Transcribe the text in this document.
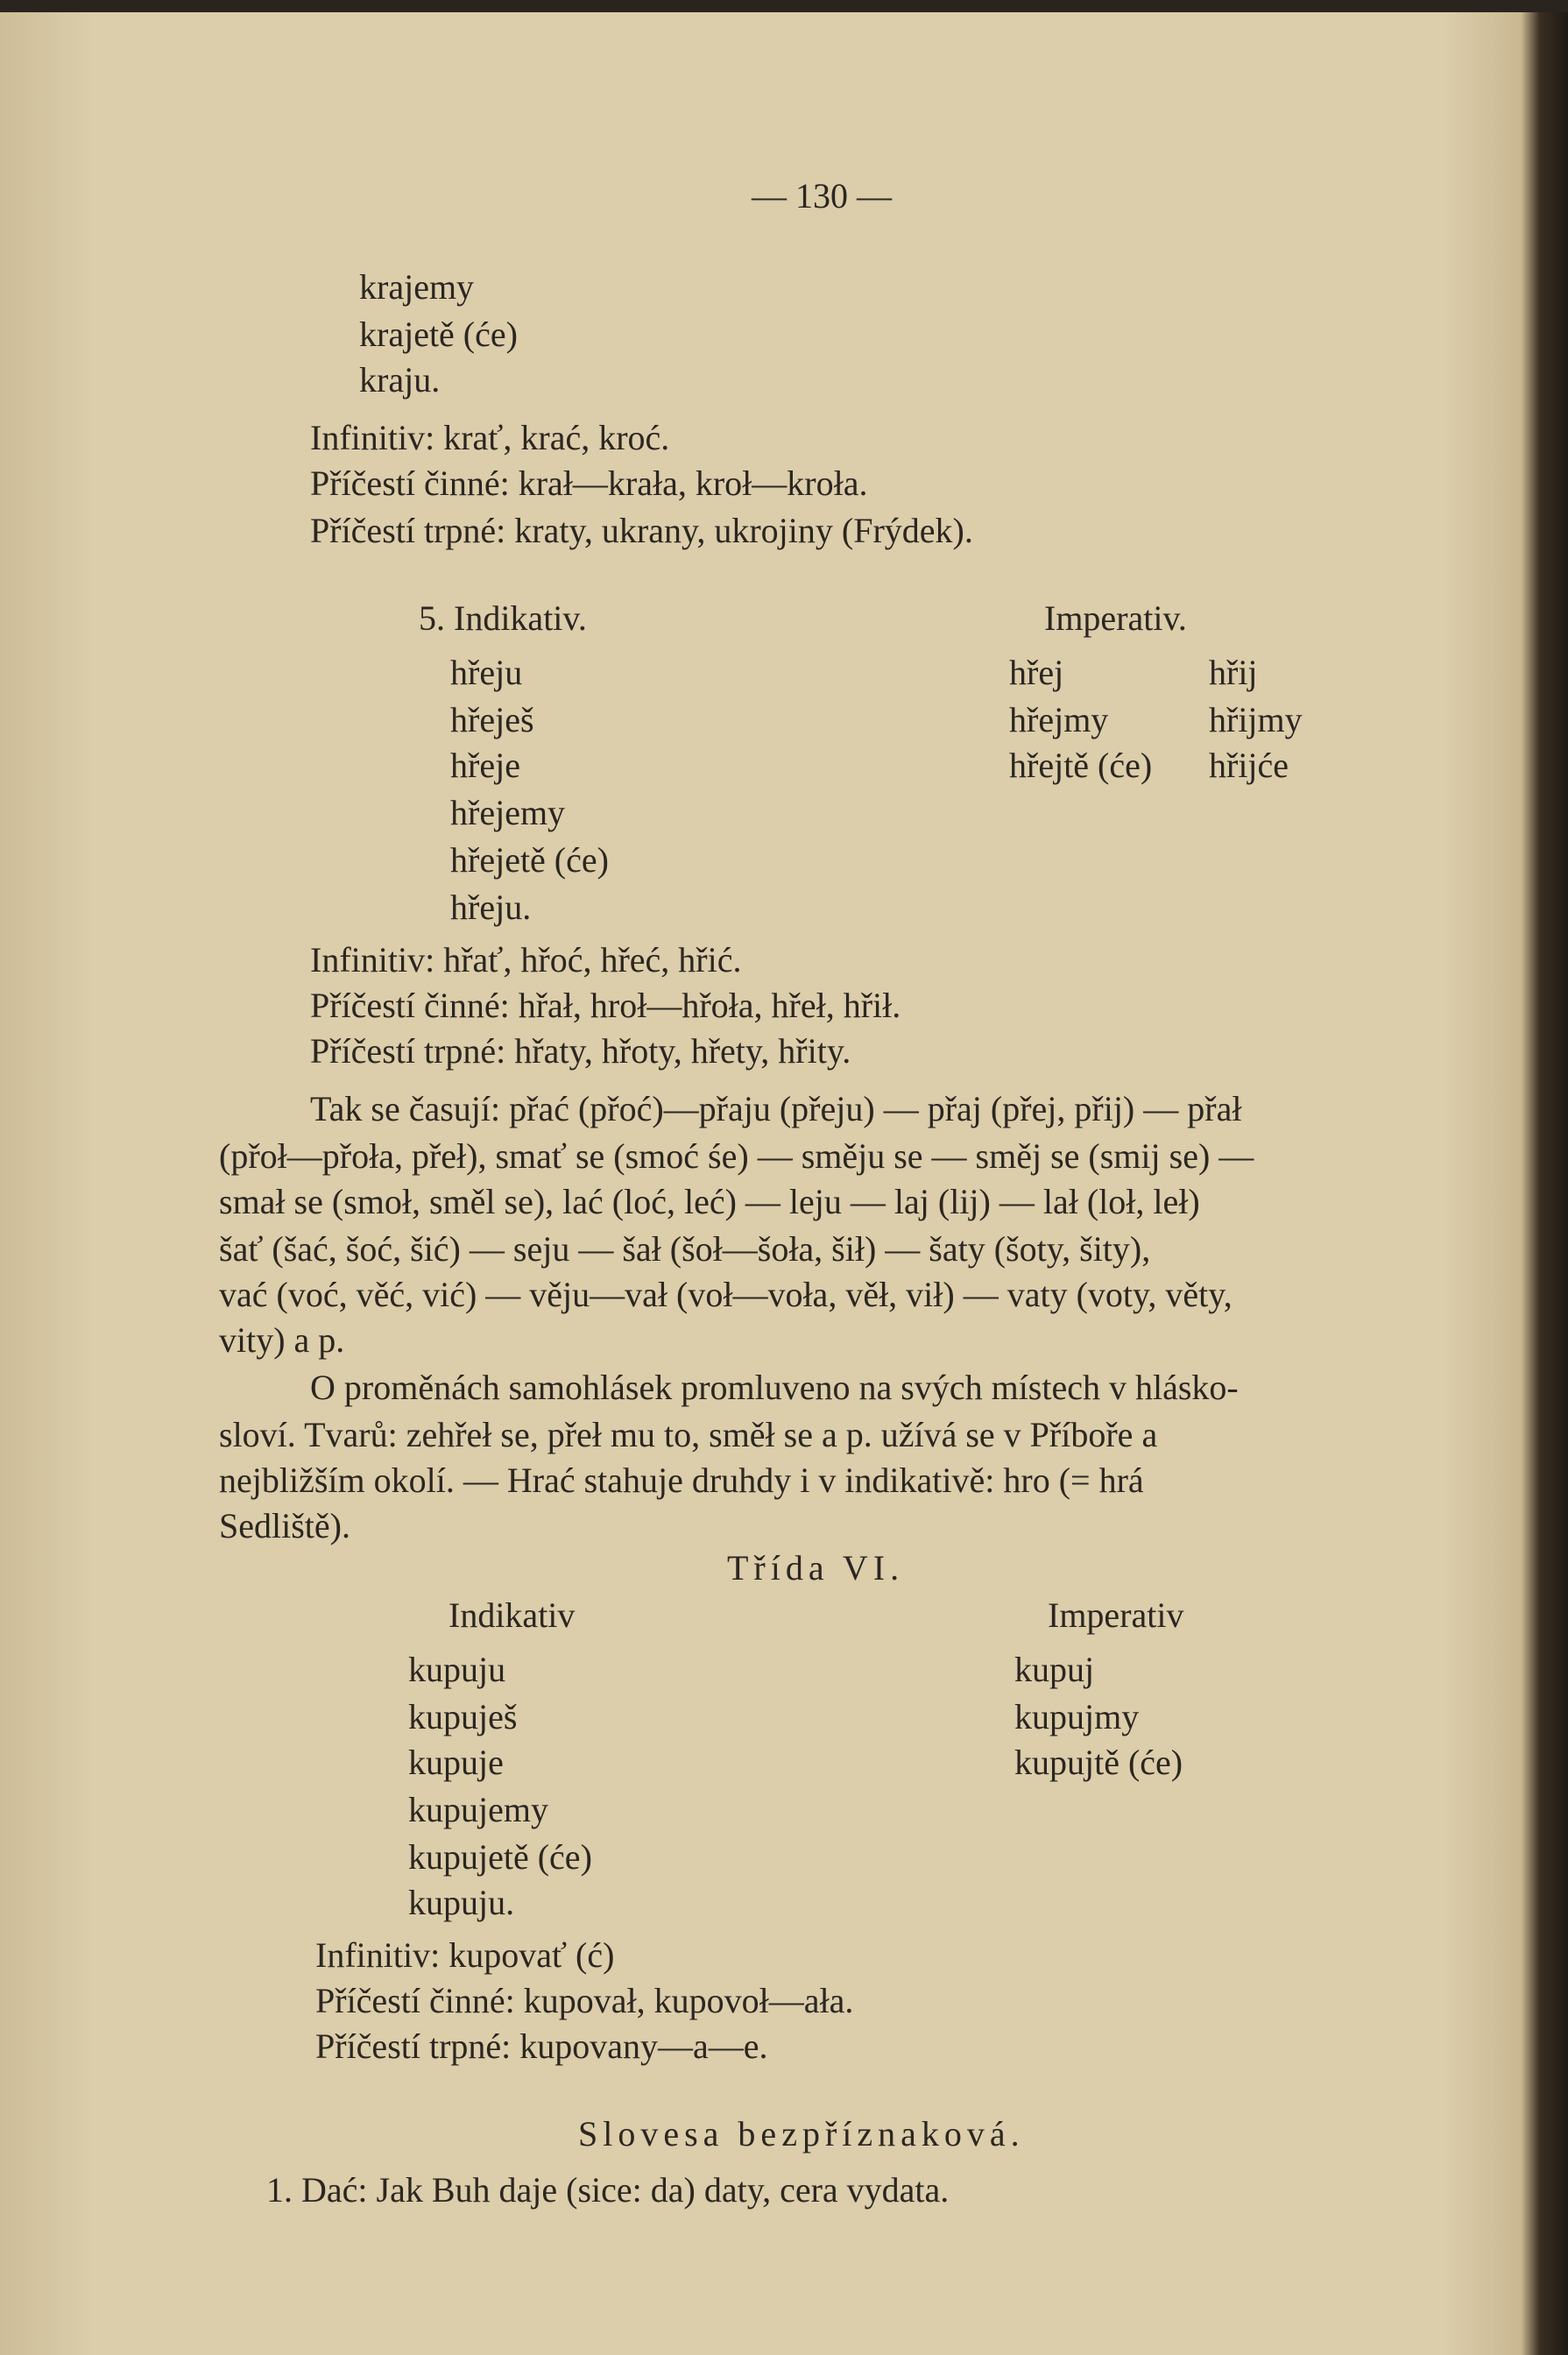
— 130 —
krajemy
krajetě (će)
kraju.
Infinitiv: krať, krać, kroć.
Příčestí činné: krał—krała, kroł—kroła.
Příčestí trpné: kraty, ukrany, ukrojiny (Frýdek).
5. Indikativ.	Imperativ.
hřeju
hřeješ
hřeje
hřejemy
hřejetě (će)
hřeju.
hřej
hřejmy
hřejtě (će)
hřij
hřijmy
hřijće
Infinitiv: hřať, hřoć, hřeć, hřić.
Příčestí činné: hřał, hroł—hřoła, hřeł, hřił.
Příčestí trpné: hřaty, hřoty, hřety, hřity.
Tak se časují: přać (přoć)—přaju (přeju) — přaj (přej, přij) — přał
(přoł—přoła, přeł), smať se (smoć śe) — směju se — směj se (smij se) —
smał se (smoł, směl se), lać (loć, leć) — leju — laj (lij) — lał (loł, leł)
šať (šać, šoć, šić) — seju — šał (šoł—šoła, šił) — šaty (šoty, šity),
vać (voć, věć, vić) — věju—vał (voł—voła, věł, vił) — vaty (voty, věty,
vity) a p.
O proměnách samohlásek promluveno na svých místech v hlásko-
sloví. Tvarů: zehřeł se, přeł mu to, směł se a p. užívá se v Příboře a
nejbližším okolí. — Hrać stahuje druhdy i v indikativě: hro (= hrá
Sedliště).
Třída VI.
Indikativ	Imperativ
kupuju
kupuješ
kupuje
kupujemy
kupujetě (će)
kupuju.
kupuj
kupujmy
kupujtě (će)
Infinitiv: kupovať (ć)
Příčestí činné: kupovał, kupovoł—ała.
Příčestí trpné: kupovany—a—e.
Slovesa bezpříznaková.
1. Dać: Jak Buh daje (sice: da) daty, cera vydata.
